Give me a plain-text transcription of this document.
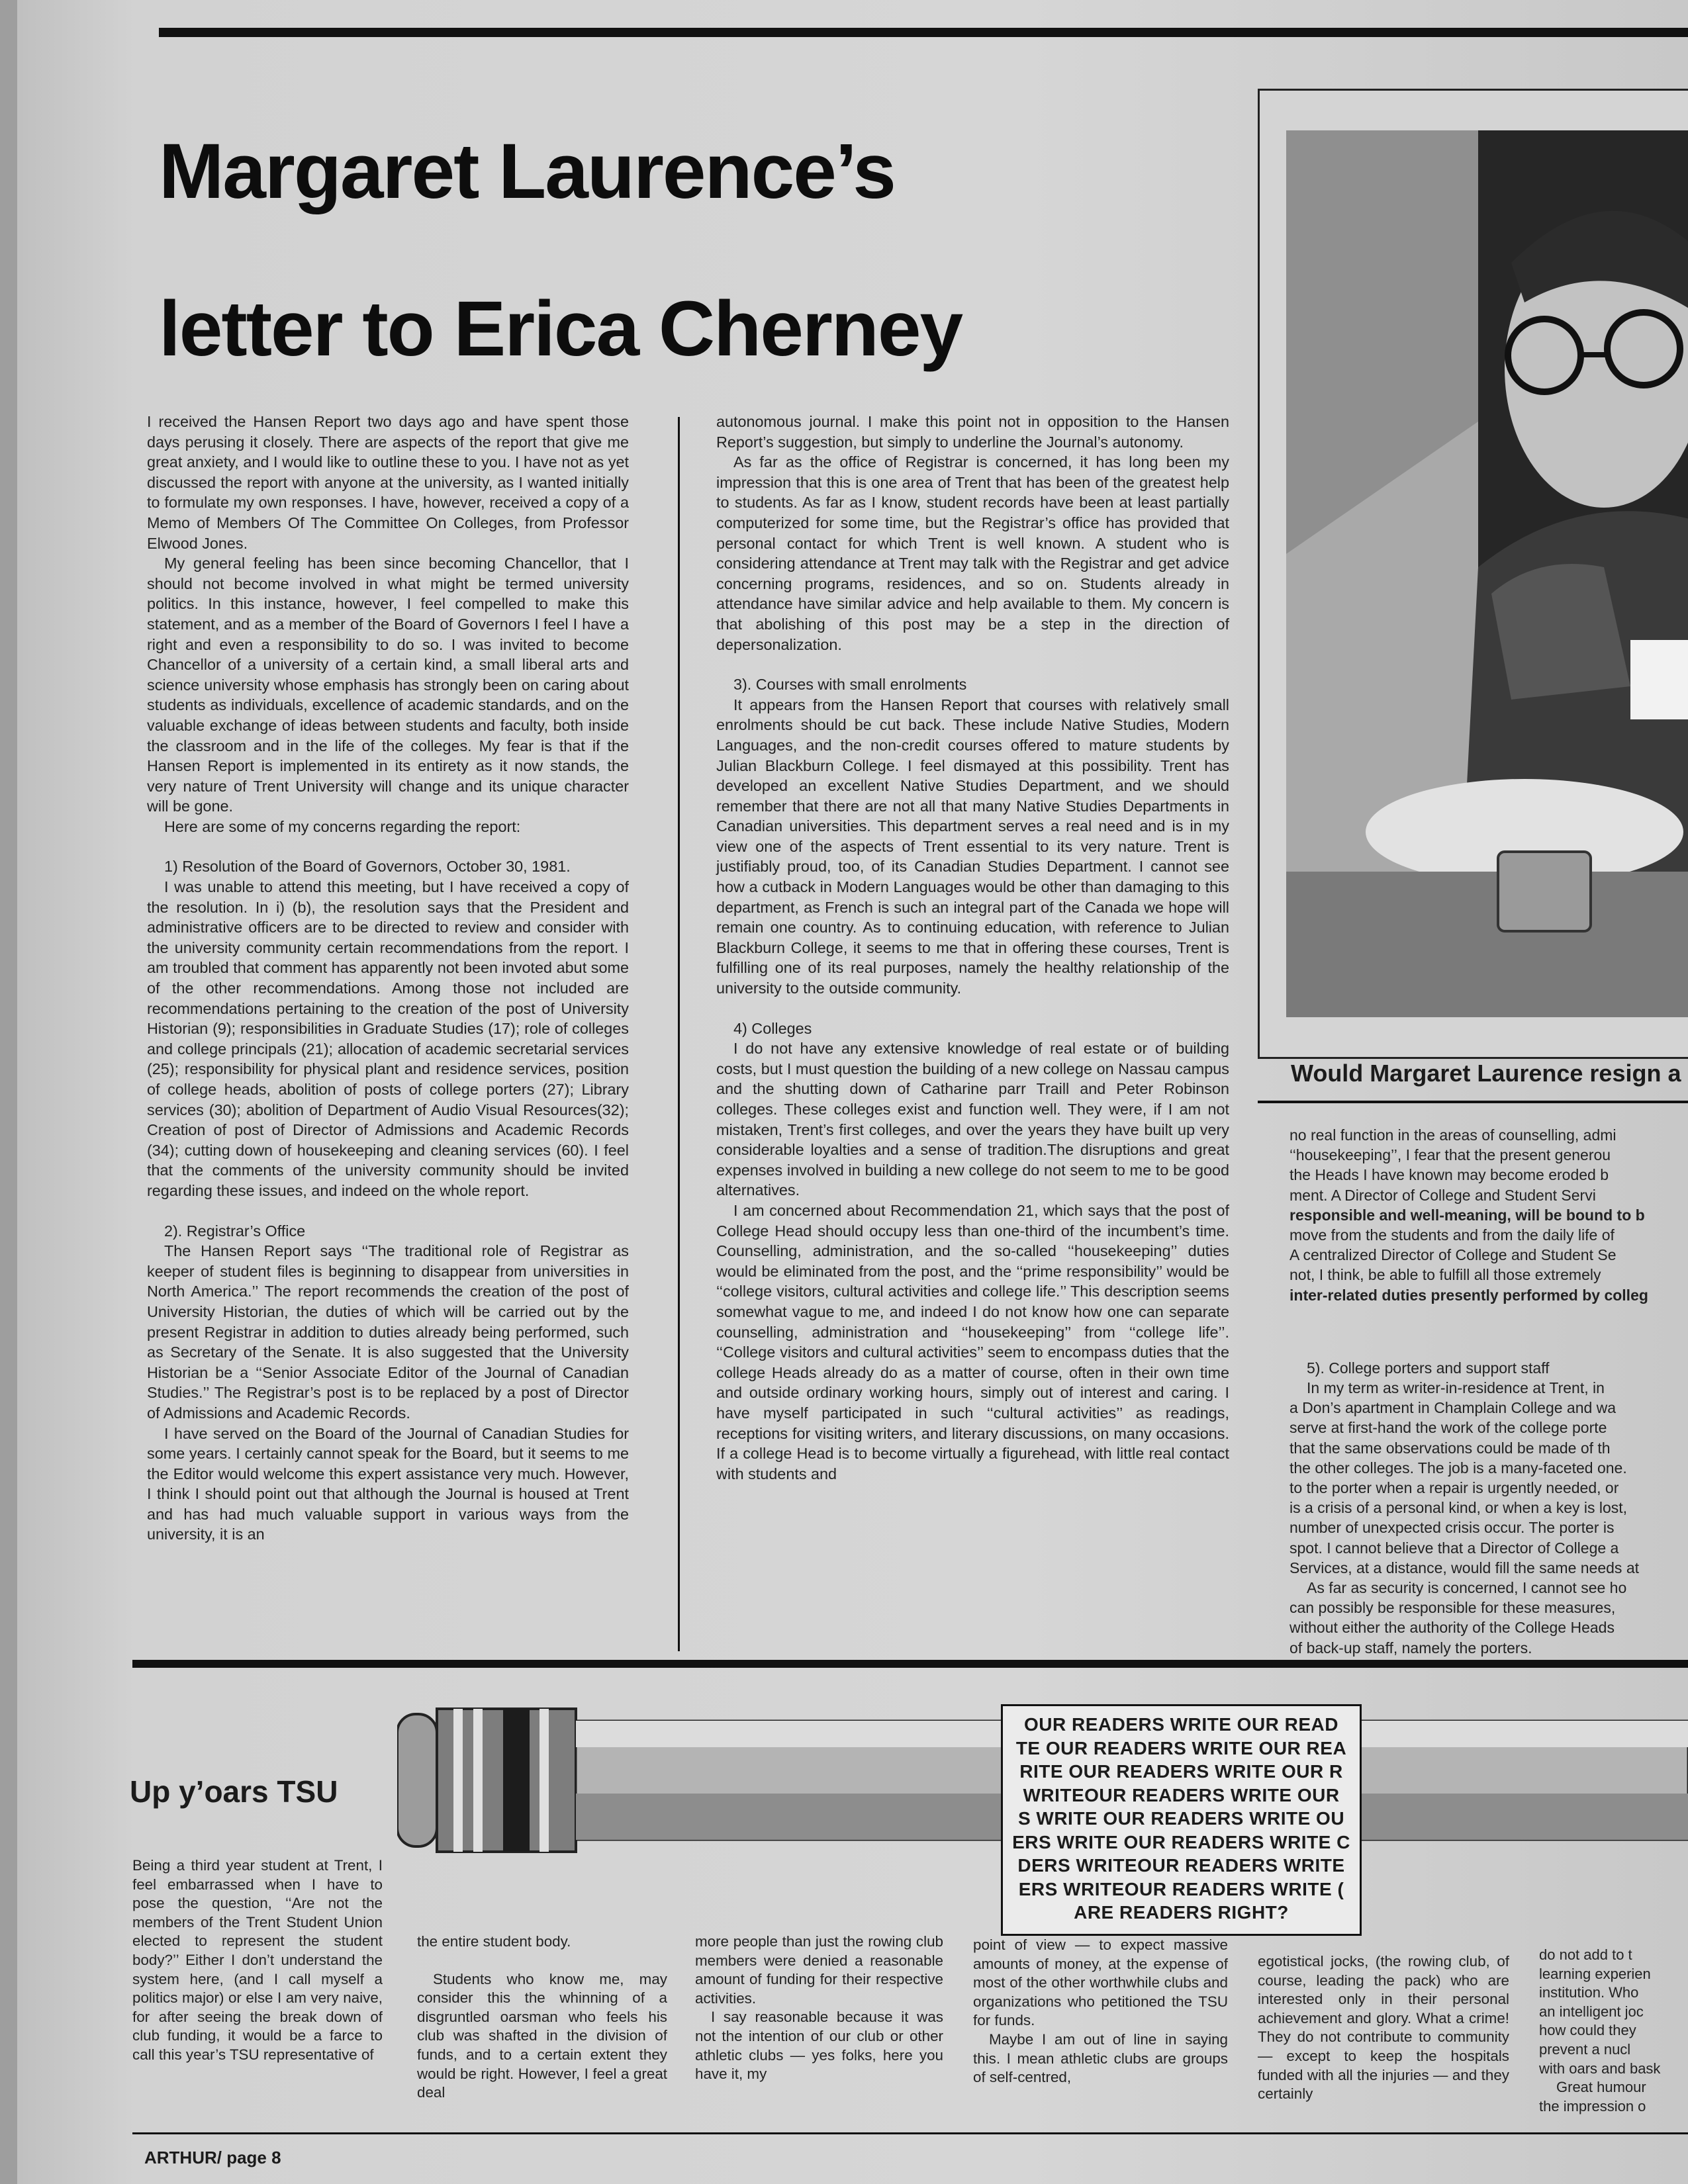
Margaret Laurence’s
letter to Erica Cherney

I received the Hansen Report two days ago and have spent those days perusing it closely. There are aspects of the report that give me great anxiety, and I would like to outline these to you. I have not as yet discussed the report with anyone at the university, as I wanted initially to formulate my own responses. I have, however, received a copy of a Memo of Members Of The Committee On Colleges, from Professor Elwood Jones.

My general feeling has been since becoming Chancellor, that I should not become involved in what might be termed university politics. In this instance, however, I feel compelled to make this statement, and as a member of the Board of Governors I feel I have a right and even a responsibility to do so. I was invited to become Chancellor of a university of a certain kind, a small liberal arts and science university whose emphasis has strongly been on caring about students as individuals, excellence of academic standards, and on the valuable exchange of ideas between students and faculty, both inside the classroom and in the life of the colleges. My fear is that if the Hansen Report is implemented in its entirety as it now stands, the very nature of Trent University will change and its unique character will be gone.

Here are some of my concerns regarding the report:

1) Resolution of the Board of Governors, October 30, 1981.

I was unable to attend this meeting, but I have received a copy of the resolution. In i) (b), the resolution says that the President and administrative officers are to be directed to review and consider with the university community certain recommendations from the report. I am troubled that comment has apparently not been invoted abut some of the other recommendations. Among those not included are recommendations pertaining to the creation of the post of University Historian (9); responsibilities in Graduate Studies (17); role of colleges and college principals (21); allocation of academic secretarial services (25); responsibility for physical plant and residence services, position of college heads, abolition of posts of college porters (27); Library services (30); abolition of Department of Audio Visual Resources(32); Creation of post of Director of Admissions and Academic Records (34); cutting down of housekeeping and cleaning services (60). I feel that the comments of the university community should be invited regarding these issues, and indeed on the whole report.

2). Registrar’s Office

The Hansen Report says ‘‘The traditional role of Registrar as keeper of student files is beginning to disappear from universities in North America.’’ The report recommends the creation of the post of University Historian, the duties of which will be carried out by the present Registrar in addition to duties already being performed, such as Secretary of the Senate. It is also suggested that the University Historian be a ‘‘Senior Associate Editor of the Journal of Canadian Studies.’’ The Registrar’s post is to be replaced by a post of Director of Admissions and Academic Records.

I have served on the Board of the Journal of Canadian Studies for some years. I certainly cannot speak for the Board, but it seems to me the Editor would welcome this expert assistance very much. However, I think I should point out that although the Journal is housed at Trent and has had much valuable support in various ways from the university, it is an

autonomous journal. I make this point not in opposition to the Hansen Report’s suggestion, but simply to underline the Journal’s autonomy.

As far as the office of Registrar is concerned, it has long been my impression that this is one area of Trent that has been of the greatest help to students. As far as I know, student records have been at least partially computerized for some time, but the Registrar’s office has provided that personal contact for which Trent is well known. A student who is considering attendance at Trent may talk with the Registrar and get advice concerning programs, residences, and so on. Students already in attendance have similar advice and help available to them. My concern is that abolishing of this post may be a step in the direction of depersonalization.

3). Courses with small enrolments

It appears from the Hansen Report that courses with relatively small enrolments should be cut back. These include Native Studies, Modern Languages, and the non-credit courses offered to mature students by Julian Blackburn College. I feel dismayed at this possibility. Trent has developed an excellent Native Studies Department, and we should remember that there are not all that many Native Studies Departments in Canadian universities. This department serves a real need and is in my view one of the aspects of Trent essential to its very nature. Trent is justifiably proud, too, of its Canadian Studies Department. I cannot see how a cutback in Modern Languages would be other than damaging to this department, as French is such an integral part of the Canada we hope will remain one country. As to continuing education, with reference to Julian Blackburn College, it seems to me that in offering these courses, Trent is fulfilling one of its real purposes, namely the healthy relationship of the university to the outside community.

4) Colleges

I do not have any extensive knowledge of real estate or of building costs, but I must question the building of a new college on Nassau campus and the shutting down of Catharine parr Traill and Peter Robinson colleges. These colleges exist and function well. They were, if I am not mistaken, Trent’s first colleges, and over the years they have built up very considerable loyalties and a sense of tradition.The disruptions and great expenses involved in building a new college do not seem to me to be good alternatives.

I am concerned about Recommendation 21, which says that the post of College Head should occupy less than one-third of the incumbent’s time. Counselling, administration, and the so-called ‘‘housekeeping’’ duties would be eliminated from the post, and the ‘‘prime responsibility’’ would be ‘‘college visitors, cultural activities and college life.’’ This description seems somewhat vague to me, and indeed I do not know how one can separate counselling, administration and ‘‘housekeeping’’ from ‘‘college life’’. ‘‘College visitors and cultural activities’’ seem to encompass duties that the college Heads already do as a matter of course, often in their own time and outside ordinary working hours, simply out of interest and caring. I have myself participated in such ‘‘cultural activities’’ as readings, receptions for visiting writers, and literary discussions, on many occasions. If a college Head is to become virtually a figurehead, with little real contact with students and

Would Margaret Laurence resign a

no real function in the areas of counselling, admi

‘‘housekeeping’’, I fear that the present generou

the Heads I have known may become eroded b

ment. A Director of College and Student Servi

responsible and well-meaning, will be bound to b

move from the students and from the daily life of

A centralized Director of College and Student Se

not, I think, be able to fulfill all those extremely

inter-related duties presently performed by colleg

5). College porters and support staff

In my term as writer-in-residence at Trent, in

a Don’s apartment in Champlain College and wa

serve at first-hand the work of the college porte

that the same observations could be made of th

the other colleges. The job is a many-faceted one.

to the porter when a repair is urgently needed, or

is a crisis of a personal kind, or when a key is lost,

number of unexpected crisis occur. The porter is

spot. I cannot believe that a Director of College a

Services, at a distance, would fill the same needs at

As far as security is concerned, I cannot see ho

can possibly be responsible for these measures,

without either the authority of the College Heads

of back-up staff, namely the porters.

OUR READERS WRITE OUR READ
TE OUR READERS WRITE OUR REA
RITE OUR READERS WRITE OUR R
WRITEOUR READERS WRITE OUR
S WRITE OUR READERS WRITE OU
ERS WRITE OUR READERS WRITE C
DERS WRITEOUR READERS WRITE
ERS WRITEOUR READERS WRITE (
ARE READERS RIGHT?
Up y’oars TSU

Being a third year student at Trent, I feel embarrassed when I have to pose the question, ‘‘Are not the members of the Trent Student Union elected to represent the student body?’’ Either I don’t understand the system here, (and I call myself a politics major) or else I am very naive, for after seeing the break down of club funding, it would be a farce to call this year’s TSU representative of

the entire student body.

Students who know me, may consider this the whinning of a disgruntled oarsman who feels his club was shafted in the division of funds, and to a certain extent they would be right. However, I feel a great deal

more people than just the rowing club members were denied a reasonable amount of funding for their respective activities.

I say reasonable because it was not the intention of our club or other athletic clubs — yes folks, here you have it, my

point of view — to expect massive amounts of money, at the expense of most of the other worthwhile clubs and organizations who petitioned the TSU for funds.

Maybe I am out of line in saying this. I mean athletic clubs are groups of self-centred,

egotistical jocks, (the rowing club, of course, leading the pack) who are interested only in their personal achievement and glory. What a crime! They do not contribute to community — except to keep the hospitals funded with all the injuries — and they certainly

do not add to t

learning experien

institution. Who

an intelligent joc

how could they

prevent a nucl

with oars and bask

Great humour

the impression o

ARTHUR/ page 8
